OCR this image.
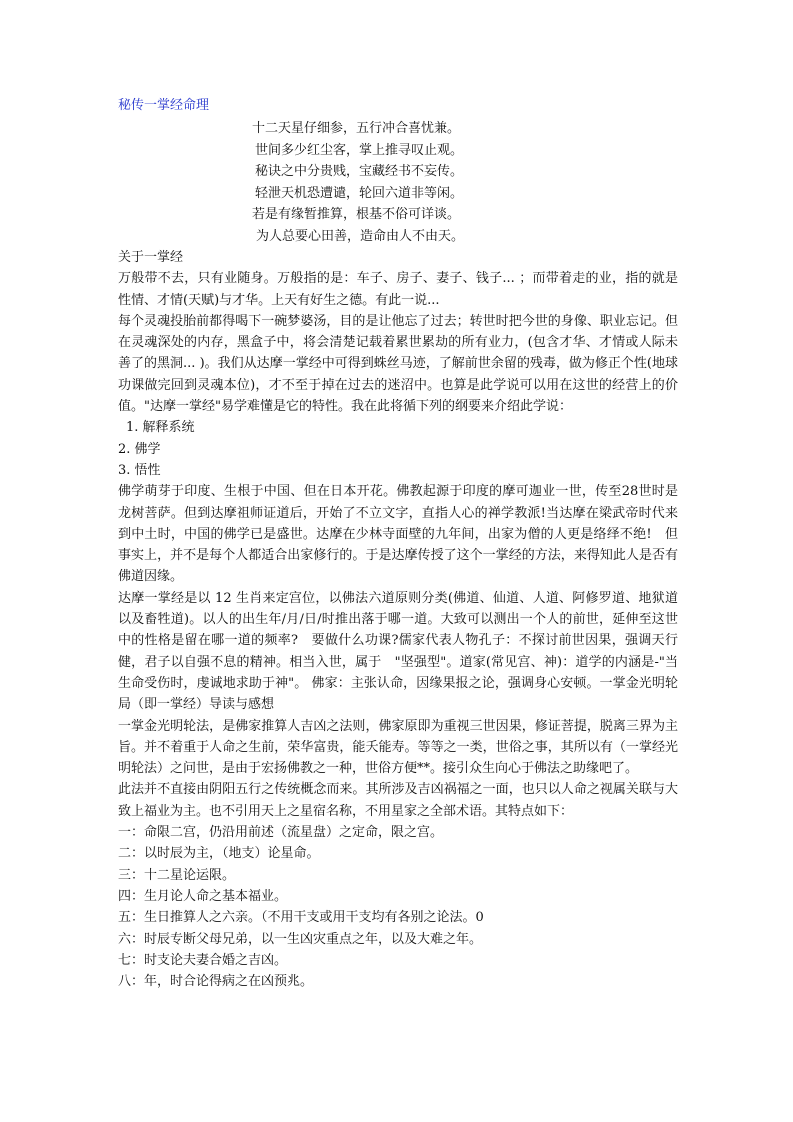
秘传一掌经命理
十二天星仔细参，五行冲合喜忧兼。
世间多少红尘客，掌上推寻叹止观。
秘诀之中分贵贱，宝藏经书不妄传。
轻泄天机恐遭谴，轮回六道非等闲。
若是有缘暂推算，根基不俗可详谈。
为人总要心田善，造命由人不由天。

关于一掌经

万般带不去，只有业随身。万般指的是：车子、房子、妻子、钱子... ；而带着走的业，指的就是性情、才情(天赋)与才华。上天有好生之德。有此一说...

每个灵魂投胎前都得喝下一碗梦婆汤，目的是让他忘了过去；转世时把今世的身像、职业忘记。但在灵魂深处的内存，黑盒子中，将会清楚记载着累世累劫的所有业力，(包含才华、才情或人际未善了的黑洞... )。我们从达摩一掌经中可得到蛛丝马迹，了解前世余留的残毒，做为修正个性(地球功课做完回到灵魂本位)，才不至于掉在过去的迷沼中。也算是此学说可以用在这世的经营上的价值。"达摩一掌经"易学难懂是它的特性。我在此将循下列的纲要来介绍此学说：

1. 解释系统

2. 佛学

3. 悟性

佛学萌芽于印度、生根于中国、但在日本开花。佛教起源于印度的摩可迦业一世，传至28世时是龙树菩萨。但到达摩祖师证道后，开始了不立文字，直指人心的禅学教派!当达摩在梁武帝时代来到中土时，中国的佛学已是盛世。达摩在少林寺面壁的九年间，出家为僧的人更是络绎不绝!　但事实上，并不是每个人都适合出家修行的。于是达摩传授了这个一掌经的方法，来得知此人是否有佛道因缘。

达摩一掌经是以 12 生肖来定宫位，以佛法六道原则分类(佛道、仙道、人道、阿修罗道、地狱道以及畜牲道)。以人的出生年/月/日/时推出落于哪一道。大致可以测出一个人的前世，延伸至这世中的性格是留在哪一道的频率?　要做什么功课?儒家代表人物孔子：不探讨前世因果，强调天行健，君子以自强不息的精神。相当入世，属于　"坚强型"。道家(常见宫、神)：道学的内涵是-"当生命受伤时，虔诚地求助于神"。 佛家：主张认命，因缘果报之论，强调身心安顿。一掌金光明轮局（即一掌经）导读与感想

一掌金光明轮法，是佛家推算人吉凶之法则，佛家原即为重视三世因果，修证菩提，脱离三界为主旨。并不着重于人命之生前，荣华富贵，能夭能寿。等等之一类，世俗之事，其所以有（一掌经光明轮法）之问世，是由于宏扬佛教之一种，世俗方便**。接引众生向心于佛法之助缘吧了。

此法并不直接由阴阳五行之传统概念而来。其所涉及吉凶祸福之一面，也只以人命之视属关联与大致上福业为主。也不引用天上之星宿名称，不用星家之全部术语。其特点如下：

一：命限二宫，仍沿用前述（流星盘）之定命，限之宫。

二：以时辰为主，（地支）论星命。

三：十二星论运限。

四：生月论人命之基本福业。

五：生日推算人之六亲。（不用干支或用干支均有各别之论法。0

六：时辰专断父母兄弟，以一生凶灾重点之年，以及大难之年。

七：时支论夫妻合婚之吉凶。

八：年，时合论得病之在凶预兆。
